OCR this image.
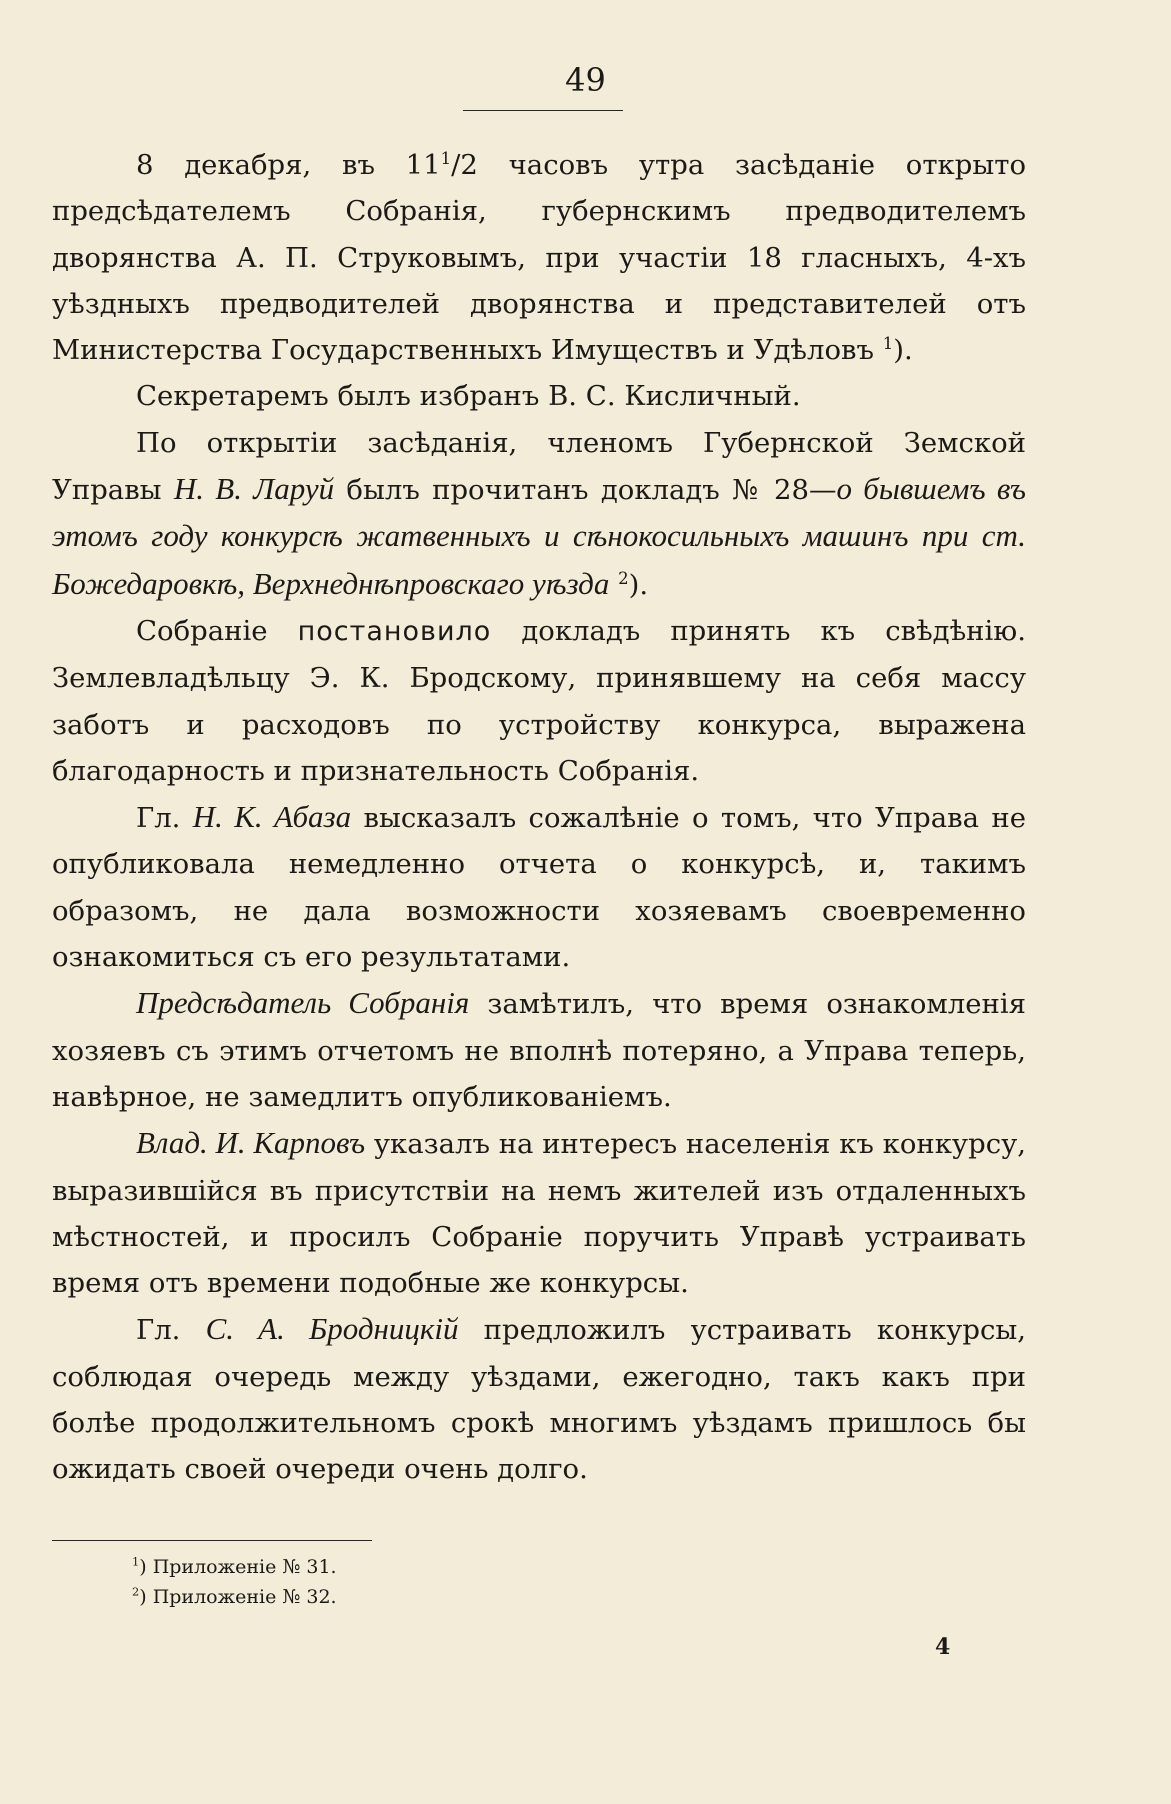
49

8 декабря, въ $11^1/2$ часовъ утра засѣданіе открыто предсѣдателемъ Собранія, губернскимъ предводителемъ дворянства А. П. Струковымъ, при участіи 18 гласныхъ, 4-хъ уѣздныхъ предводителей дворянства и представителей отъ Министерства Государственныхъ Имуществъ и Удѣловъ $^1$).

Секретаремъ былъ избранъ В. С. Кисличный.

По открытіи засѣданія, членомъ Губернской Земской Управы Н. В. Ларуй былъ прочитанъ докладъ № 28—о бывшемъ въ этомъ году конкурсѣ жатвенныхъ и сѣнокосильныхъ машинъ при ст. Божедаровкѣ, Верхнеднѣпровскаго уѣзда $^2$).

Собраніе постановило докладъ принять къ свѣдѣнію. Землевладѣльцу Э. К. Бродскому, принявшему на себя массу заботъ и расходовъ по устройству конкурса, выражена благодарность и признательность Собранія.

Гл. Н. К. Абаза высказалъ сожалѣніе о томъ, что Управа не опубликовала немедленно отчета о конкурсѣ, и, такимъ образомъ, не дала возможности хозяевамъ своевременно ознакомиться съ его результатами.

Предсѣдатель Собранія замѣтилъ, что время ознакомленія хозяевъ съ этимъ отчетомъ не вполнѣ потеряно, а Управа теперь, навѣрное, не замедлитъ опубликованіемъ.

Влад. И. Карповъ указалъ на интересъ населенія къ конкурсу, выразившійся въ присутствіи на немъ жителей изъ отдаленныхъ мѣстностей, и просилъ Собраніе поручить Управѣ устраивать время отъ времени подобные же конкурсы.

Гл. С. А. Бродницкій предложилъ устраивать конкурсы, соблюдая очередь между уѣздами, ежегодно, такъ какъ при болѣе продолжительномъ срокѣ многимъ уѣздамъ пришлось бы ожидать своей очереди очень долго.

$^1$) Приложеніе № 31.
$^2$) Приложеніе № 32.
4
